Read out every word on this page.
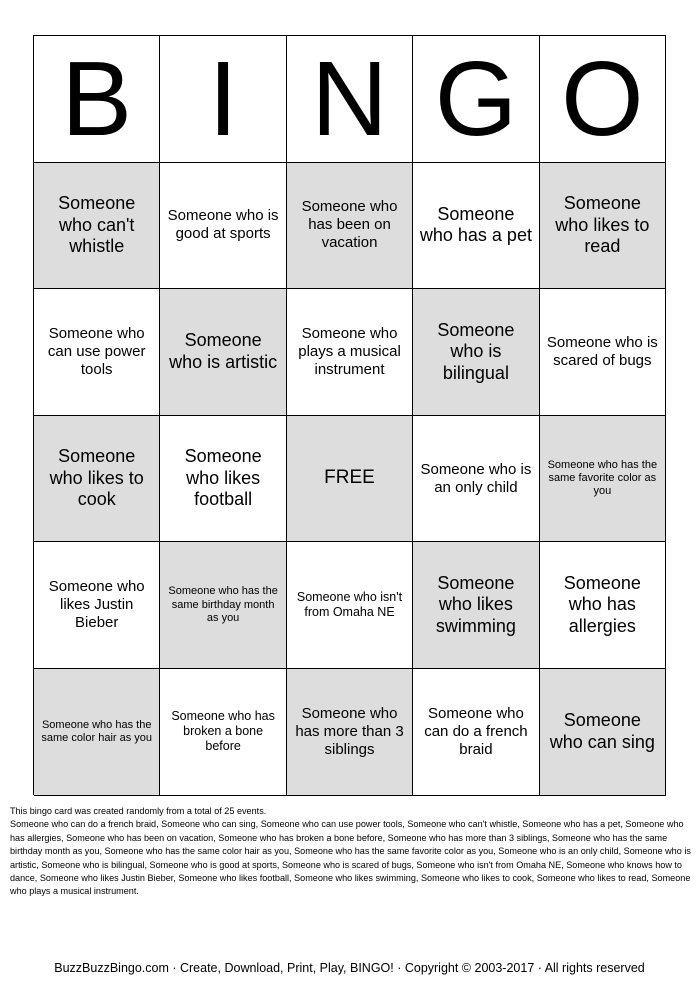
B I N G O
Someone who can't whistle
Someone who is good at sports
Someone who has been on vacation
Someone who has a pet
Someone who likes to read
Someone who can use power tools
Someone who is artistic
Someone who plays a musical instrument
Someone who is bilingual
Someone who is scared of bugs
Someone who likes to cook
Someone who likes football
FREE	Someone who is an only child
Someone who has the same favorite color as you
Someone who likes Justin Bieber
Someone who has the same birthday month as you
Someone who isn't from Omaha NE
Someone who likes swimming
Someone who has allergies
Someone who has the same color hair as you
Someone who has broken a bone before
Someone who has more than 3 siblings
Someone who can do a french braid
Someone who can sing
This bingo card was created randomly from a total of 25 events.
Someone who can do a french braid, Someone who can sing, Someone who can use power tools, Someone who can't whistle, Someone who has a pet, Someone who has allergies, Someone who has been on vacation, Someone who has broken a bone before, Someone who has more than 3 siblings, Someone who has the same birthday month as you, Someone who has the same color hair as you, Someone who has the same favorite color as you, Someone who is an only child, Someone who is artistic, Someone who is bilingual, Someone who is good at sports, Someone who is scared of bugs, Someone who isn't from Omaha NE, Someone who knows how to dance, Someone who likes Justin Bieber, Someone who likes football, Someone who likes swimming, Someone who likes to cook, Someone who likes to read, Someone who plays a musical instrument.
BuzzBuzzBingo.com · Create, Download, Print, Play, BINGO! · Copyright © 2003-2017 · All rights reserved
